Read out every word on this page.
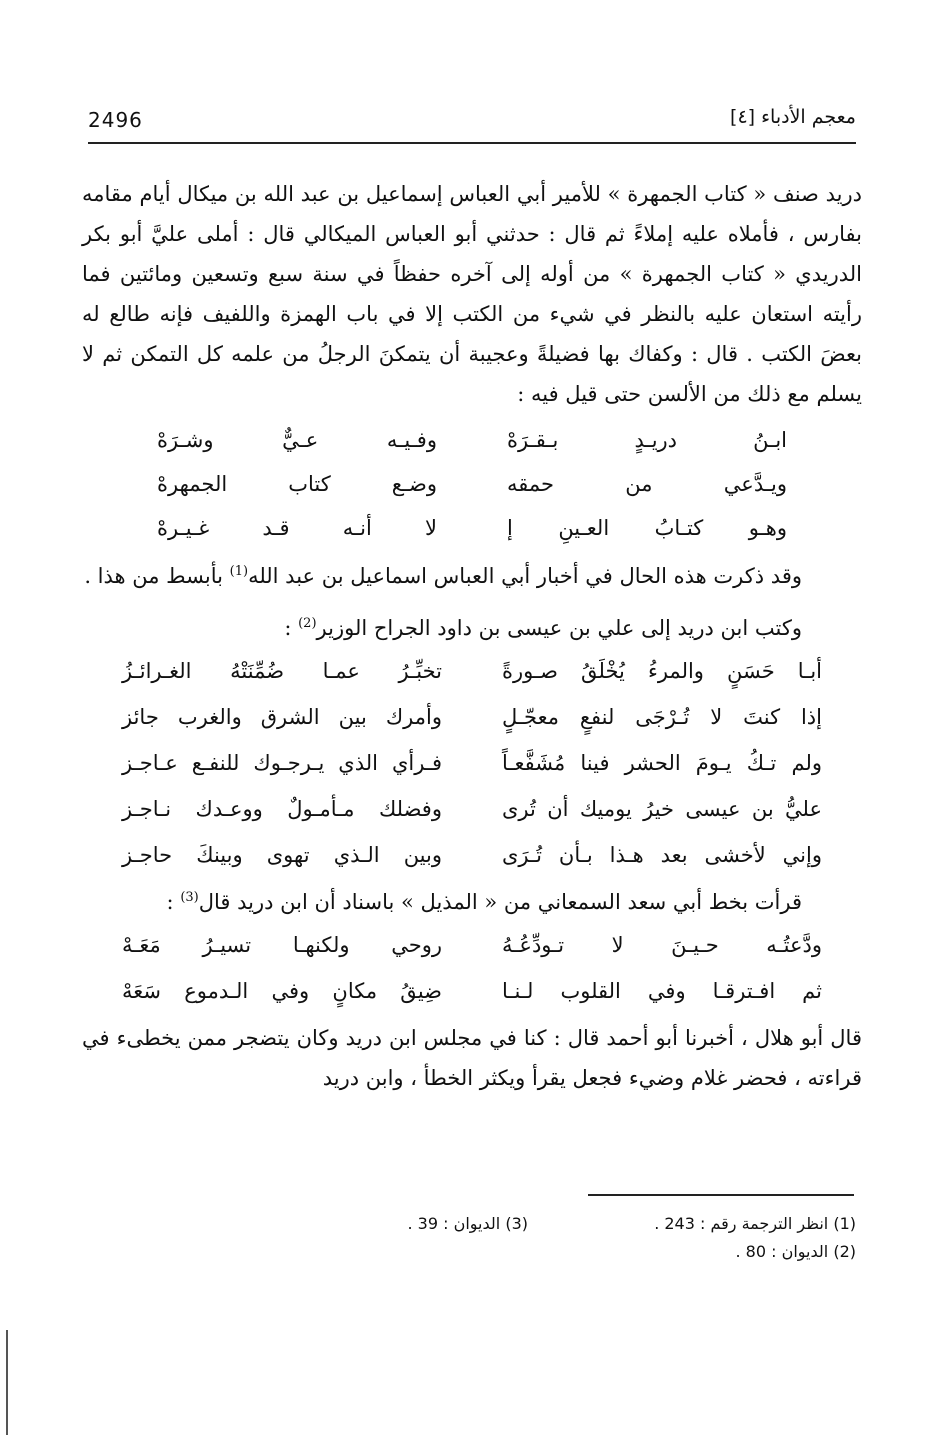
2496	معجم الأدباء [٤]

دريد صنف « كتاب الجمهرة » للأمير أبي العباس إسماعيل بن عبد الله بن ميكال أيام مقامه بفارس ، فأملاه عليه إملاءً ثم قال : حدثني أبو العباس الميكالي قال : أملى عليَّ أبو بكر الدريدي « كتاب الجمهرة » من أوله إلى آخره حفظاً في سنة سبع وتسعين ومائتين فما رأيته استعان عليه بالنظر في شيء من الكتب إلا في باب الهمزة واللفيف فإنه طالع له بعضَ الكتب . قال : وكفاك بها فضيلةً وعجيبة أن يتمكنَ الرجلُ من علمه كل التمكن ثم لا يسلم مع ذلك من الألسن حتى قيل فيه :

ابـنُ دريـدٍ بـقـرَهْ
وفـيـه عـيٌّ وشـرَهْ
ويـدَّعي من حمقه
وضـع كتاب الجمهرهْ
وهـو كتـابُ العـينِ إ
لا أنـه قـد غـيـرهْ

وقد ذكرت هذه الحال في أخبار أبي العباس اسماعيل بن عبد الله$^{(1)}$ بأبسط من هذا .

وكتب ابن دريد إلى علي بن عيسى بن داود الجراح الوزير$^{(2)}$ :

أبـا حَسَنٍ والمرءُ يُخْلَقُ صـورةً
تخبِّـرُ عمـا ضُمِّنَتْهُ الغـرائـزُ
إذا كنتَ لا تُـرْجَى لنفعٍ معجّـلٍ
وأمرك بين الشرق والغرب جائز
ولم تـكُ يـومَ الحشر فينا مُشَفَّعـاً
فـرأي الذي يـرجـوك للنفـع عـاجـز
عليُّ بن عيسى خيرُ يوميك أن تُرى
وفضلك مـأمـولٌ ووعـدك نـاجـز
وإني لأخشى بعد هـذا بـأن تُـرَى
وبين الـذي تهوى وبينكَ حاجـز

قرأت بخط أبي سعد السمعاني من « المذيل » باسناد أن ابن دريد قال$^{(3)}$ :

ودَّعتُـه حـيـنَ لا تـودِّعُـهُ
روحي ولكنهـا تسيـرُ مَعَـهْ
ثم افـترقـا وفي القلوب لـنـا
ضِيقُ مكانٍ وفي الـدموع سَعَهْ

قال أبو هلال ، أخبرنا أبو أحمد قال : كنا في مجلس ابن دريد وكان يتضجر ممن يخطىء في قراءته ، فحضر غلام وضيء فجعل يقرأ ويكثر الخطأ ، وابن دريد

(1) انظر الترجمة رقم : 243 .
(3) الديوان : 39 .
(2) الديوان : 80 .
